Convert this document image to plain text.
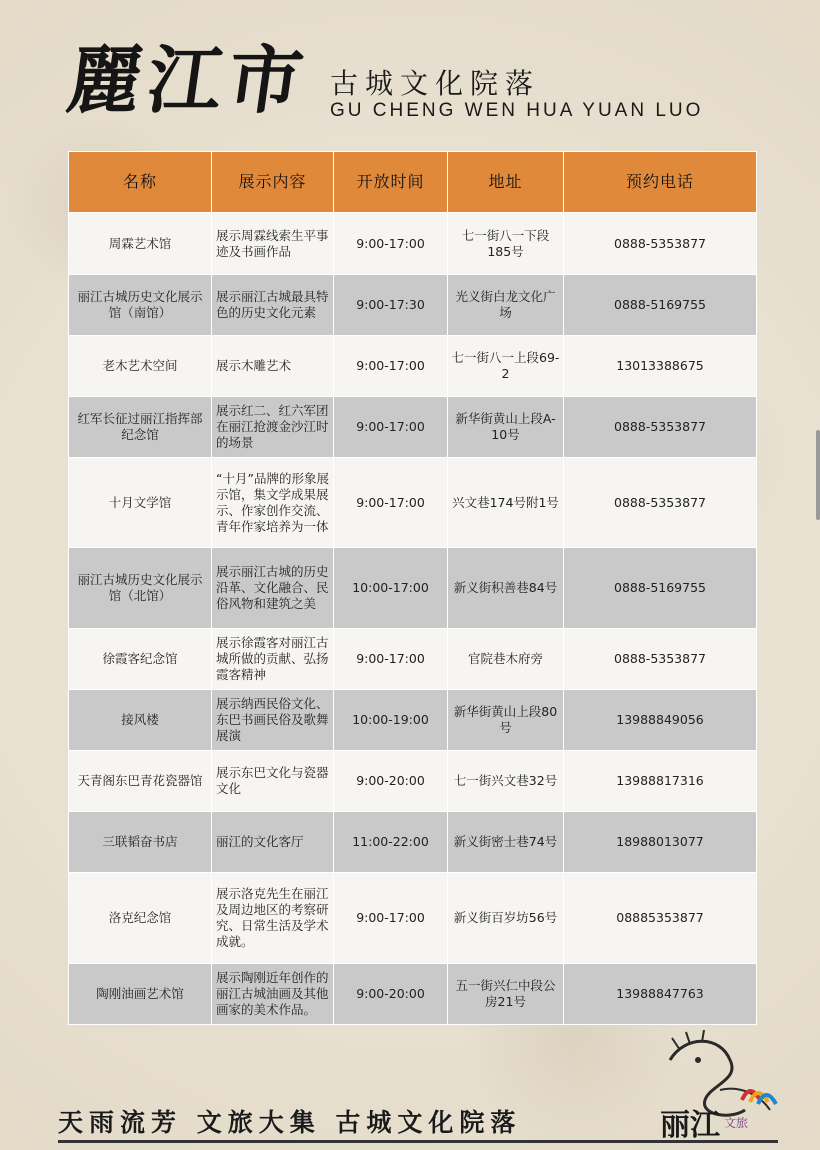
麗江市 古城文化院落
GU CHENG WEN HUA YUAN LUO
名称	展示内容	开放时间	地址	预约电话
周霖艺术馆	展示周霖线索生平事迹及书画作品	9:00-17:00	七一街八一下段185号	0888-5353877
丽江古城历史文化展示馆（南馆）	展示丽江古城最具特色的历史文化元素	9:00-17:30	光义街白龙文化广场	0888-5169755
老木艺术空间	展示木雕艺术	9:00-17:00	七一街八一上段69-2	13013388675
红军长征过丽江指挥部纪念馆	展示红二、红六军团在丽江抢渡金沙江时的场景	9:00-17:00	新华街黄山上段A-10号	0888-5353877
十月文学馆	“十月”品牌的形象展示馆，集文学成果展示、作家创作交流、青年作家培养为一体	9:00-17:00	兴文巷174号附1号	0888-5353877
丽江古城历史文化展示馆（北馆）	展示丽江古城的历史沿革、文化融合、民俗风物和建筑之美	10:00-17:00	新义街积善巷84号	0888-5169755
徐霞客纪念馆	展示徐霞客对丽江古城所做的贡献、弘扬霞客精神	9:00-17:00	官院巷木府旁	0888-5353877
接风楼	展示纳西民俗文化、东巴书画民俗及歌舞展演	10:00-19:00	新华街黄山上段80号	13988849056
天青阁东巴青花瓷器馆	展示东巴文化与瓷器文化	9:00-20:00	七一街兴文巷32号	13988817316
三联韬奋书店	丽江的文化客厅	11:00-22:00	新义街密士巷74号	18988013077
洛克纪念馆	展示洛克先生在丽江及周边地区的考察研究、日常生活及学术成就。	9:00-17:00	新义街百岁坊56号	08885353877
陶刚油画艺术馆	展示陶刚近年创作的丽江古城油画及其他画家的美术作品。	9:00-20:00	五一街兴仁中段公房21号	13988847763
天雨流芳 文旅大集 古城文化院落	丽江 文旅
